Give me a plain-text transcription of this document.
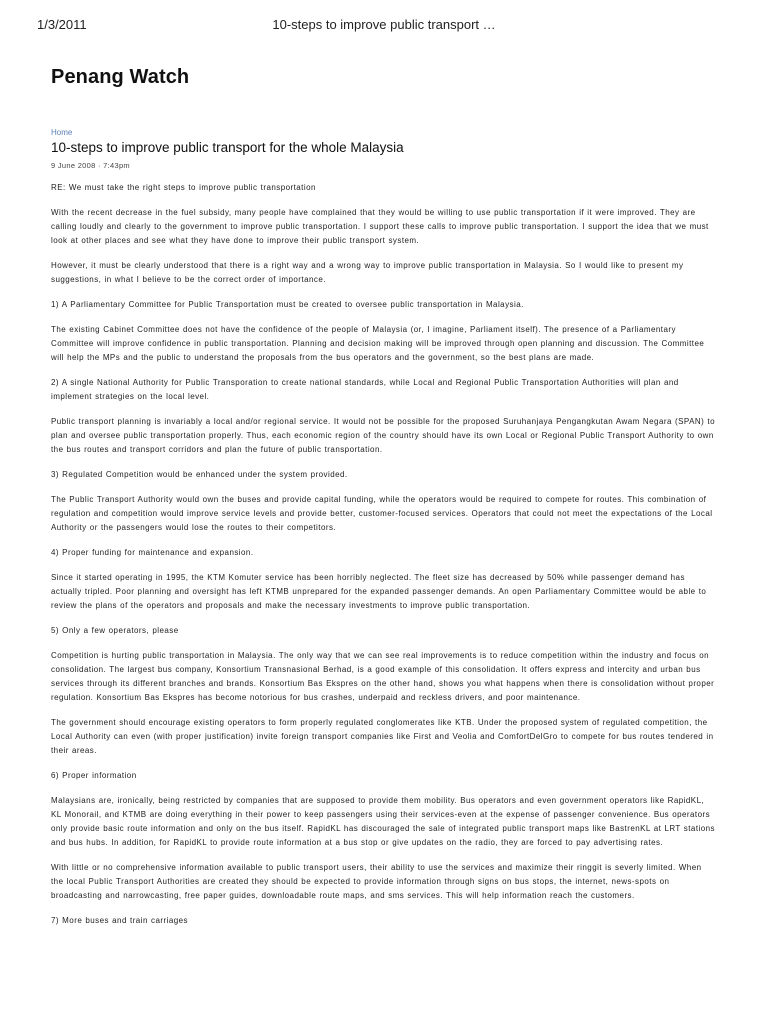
1/3/2011	10-steps to improve public transport …
Penang Watch
Home
10-steps to improve public transport for the whole Malaysia
9 June 2008 · 7:43pm

RE: We must take the right steps to improve public transportation

With the recent decrease in the fuel subsidy, many people have complained that they would be willing to use public transportation if it were improved. They are calling loudly and clearly to the government to improve public transportation. I support these calls to improve public transportation. I support the idea that we must look at other places and see what they have done to improve their public transport system.

However, it must be clearly understood that there is a right way and a wrong way to improve public transportation in Malaysia. So I would like to present my suggestions, in what I believe to be the correct order of importance.

1) A Parliamentary Committee for Public Transportation must be created to oversee public transportation in Malaysia.

The existing Cabinet Committee does not have the confidence of the people of Malaysia (or, I imagine, Parliament itself). The presence of a Parliamentary Committee will improve confidence in public transportation. Planning and decision making will be improved through open planning and discussion. The Committee will help the MPs and the public to understand the proposals from the bus operators and the government, so the best plans are made.

2) A single National Authority for Public Transporation to create national standards, while Local and Regional Public Transportation Authorities will plan and implement strategies on the local level.

Public transport planning is invariably a local and/or regional service. It would not be possible for the proposed Suruhanjaya Pengangkutan Awam Negara (SPAN) to plan and oversee public transportation properly. Thus, each economic region of the country should have its own Local or Regional Public Transport Authority to own the bus routes and transport corridors and plan the future of public transportation.

3) Regulated Competition would be enhanced under the system provided.

The Public Transport Authority would own the buses and provide capital funding, while the operators would be required to compete for routes. This combination of regulation and competition would improve service levels and provide better, customer-focused services. Operators that could not meet the expectations of the Local Authority or the passengers would lose the routes to their competitors.

4) Proper funding for maintenance and expansion.

Since it started operating in 1995, the KTM Komuter service has been horribly neglected. The fleet size has decreased by 50% while passenger demand has actually tripled. Poor planning and oversight has left KTMB unprepared for the expanded passenger demands. An open Parliamentary Committee would be able to review the plans of the operators and proposals and make the necessary investments to improve public transportation.

5) Only a few operators, please

Competition is hurting public transportation in Malaysia. The only way that we can see real improvements is to reduce competition within the industry and focus on consolidation. The largest bus company, Konsortium Transnasional Berhad, is a good example of this consolidation. It offers express and intercity and urban bus services through its different branches and brands. Konsortium Bas Ekspres on the other hand, shows you what happens when there is consolidation without proper regulation. Konsortium Bas Ekspres has become notorious for bus crashes, underpaid and reckless drivers, and poor maintenance.

The government should encourage existing operators to form properly regulated conglomerates like KTB. Under the proposed system of regulated competition, the Local Authority can even (with proper justification) invite foreign transport companies like First and Veolia and ComfortDelGro to compete for bus routes tendered in their areas.

6) Proper information

Malaysians are, ironically, being restricted by companies that are supposed to provide them mobility. Bus operators and even government operators like RapidKL, KL Monorail, and KTMB are doing everything in their power to keep passengers using their services-even at the expense of passenger convenience. Bus operators only provide basic route information and only on the bus itself. RapidKL has discouraged the sale of integrated public transport maps like BastrenKL at LRT stations and bus hubs. In addition, for RapidKL to provide route information at a bus stop or give updates on the radio, they are forced to pay advertising rates.

With little or no comprehensive information available to public transport users, their ability to use the services and maximize their ringgit is severly limited. When the local Public Transport Authorities are created they should be expected to provide information through signs on bus stops, the internet, news-spots on broadcasting and narrowcasting, free paper guides, downloadable route maps, and sms services. This will help information reach the customers.

7) More buses and train carriages
